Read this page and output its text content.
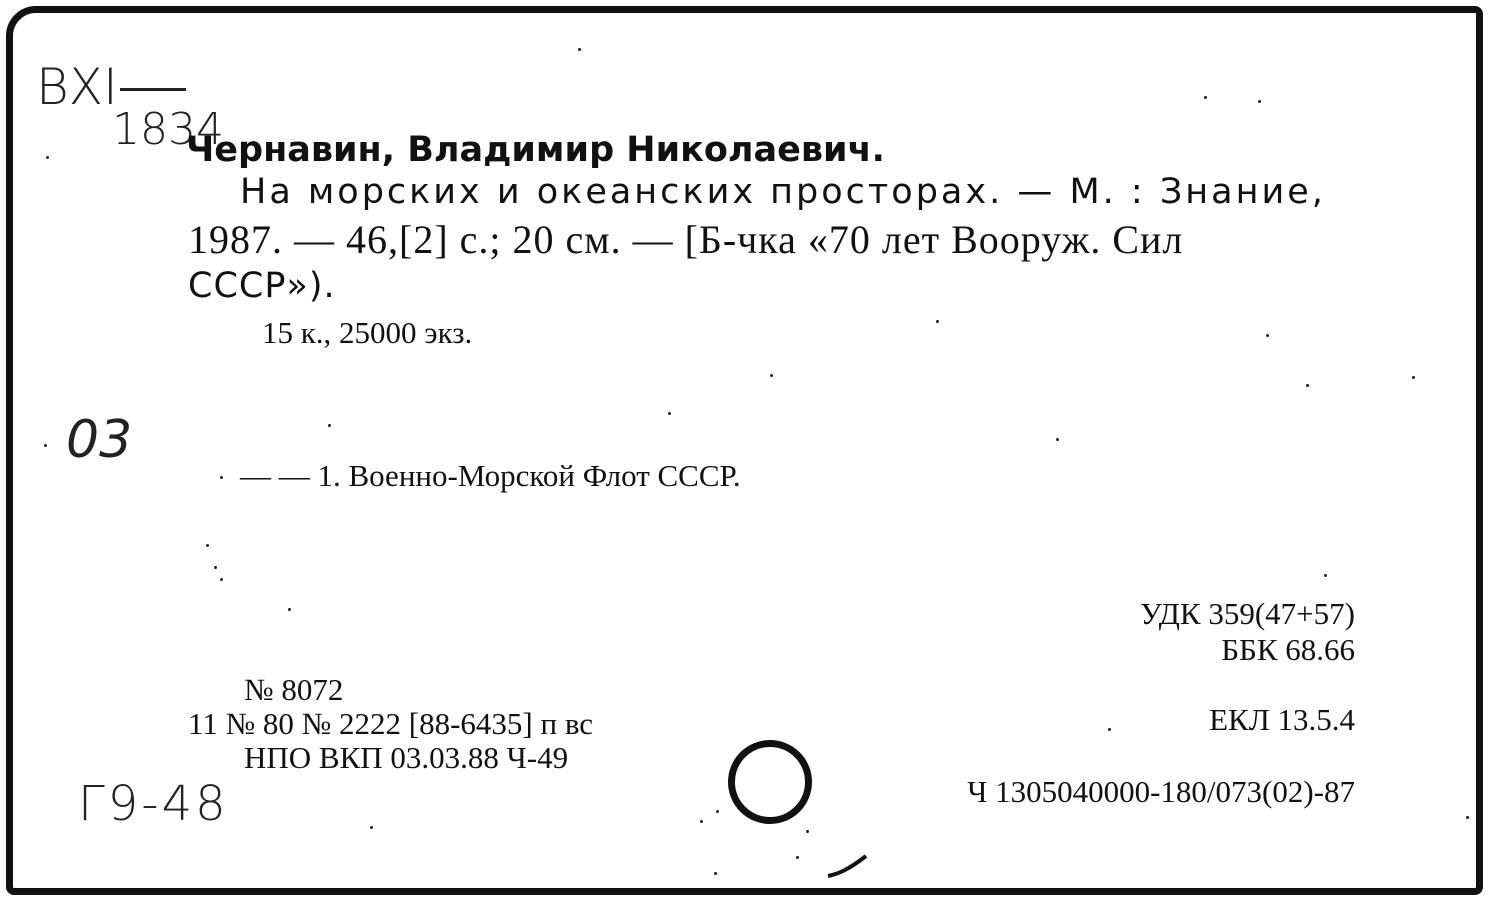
ВХI
1834
03
Г9-48
Чернавин, Владимир Николаевич.
На морских и океанских просторах. — М. : Знание,
1987. — 46,[2] с.; 20 см. — [Б-чка «70 лет Вооруж. Сил
СССР»).
15 к., 25000 экз.
— — 1. Военно-Морской Флот СССР.
УДК 359(47+57)
ББК 68.66
ЕКЛ 13.5.4
Ч 1305040000-180/073(02)-87
№ 8072
11 № 80 № 2222 [88-6435] п вс
НПО ВКП 03.03.88 Ч-49
